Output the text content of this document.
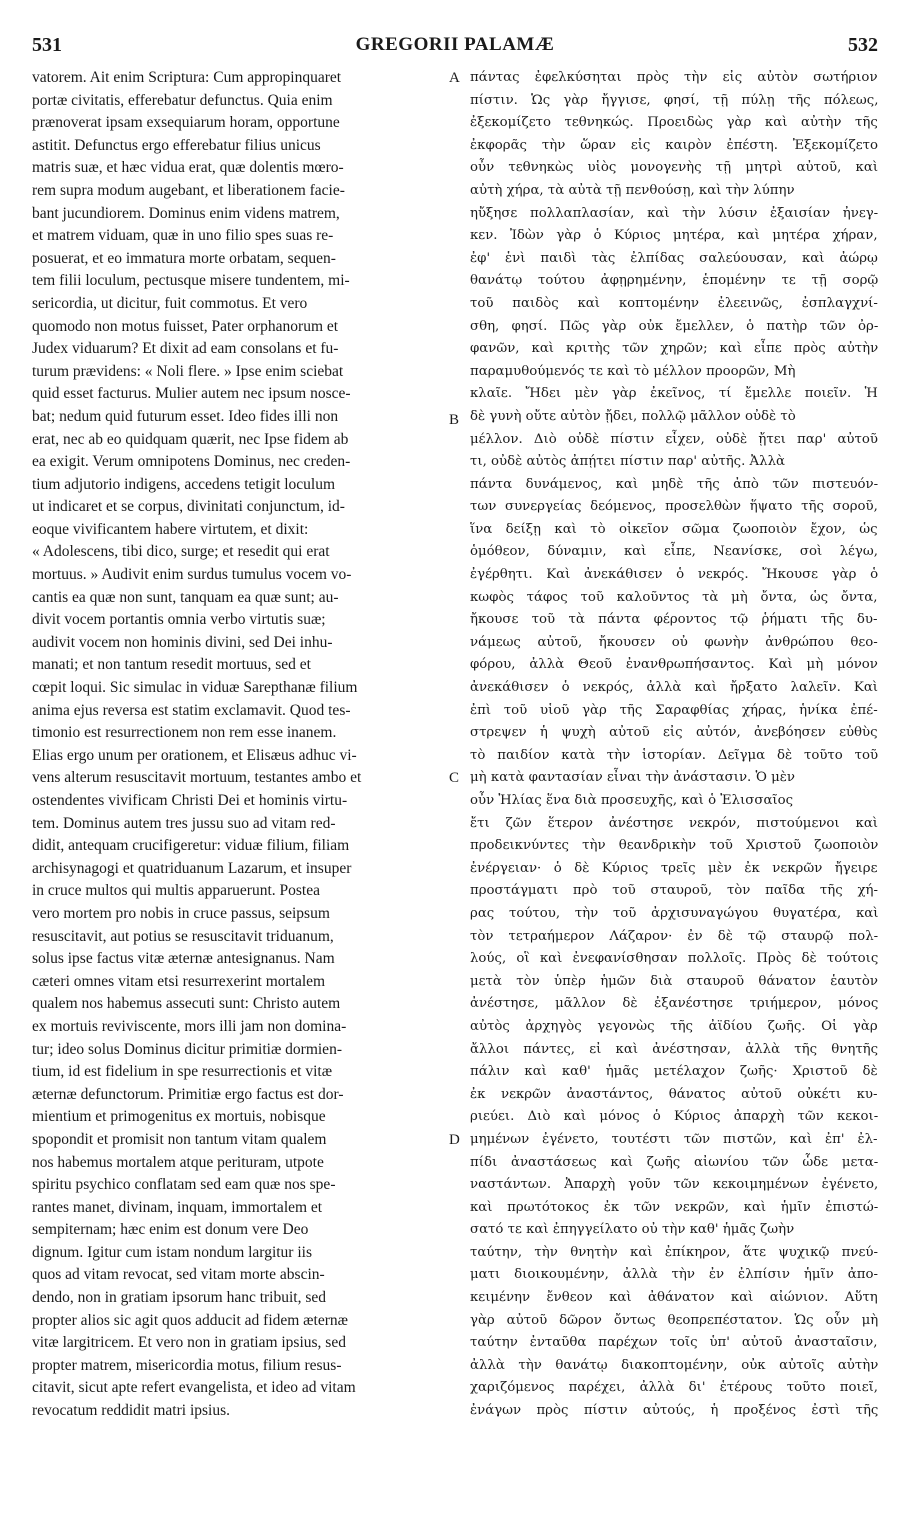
531	GREGORII PALAMÆ	532
vatorem. Ait enim Scriptura: Cum appropinquaret
portæ civitatis, efferebatur defunctus. Quia enim
prænoverat ipsam exsequiarum horam, opportune
astitit. Defunctus ergo efferebatur filius unicus
matris suæ, et hæc vidua erat, quæ dolentis mœro-
rem supra modum augebant, et liberationem facie-
bant jucundiorem. Dominus enim videns matrem,
et matrem viduam, quæ in uno filio spes suas re-
posuerat, et eo immatura morte orbatam, sequen-
tem filii loculum, pectusque misere tundentem, mi-
sericordia, ut dicitur, fuit commotus. Et vero
quomodo non motus fuisset, Pater orphanorum et
Judex viduarum? Et dixit ad eam consolans et fu-
turum prævidens: « Noli flere. » Ipse enim sciebat
quid esset facturus. Mulier autem nec ipsum nosce-
bat; nedum quid futurum esset. Ideo fides illi non
erat, nec ab eo quidquam quærit, nec Ipse fidem ab
ea exigit. Verum omnipotens Dominus, nec creden-
tium adjutorio indigens, accedens tetigit loculum
ut indicaret et se corpus, divinitati conjunctum, id-
eoque vivificantem habere virtutem, et dixit:
« Adolescens, tibi dico, surge; et resedit qui erat
mortuus. » Audivit enim surdus tumulus vocem vo-
cantis ea quæ non sunt, tanquam ea quæ sunt; au-
divit vocem portantis omnia verbo virtutis suæ;
audivit vocem non hominis divini, sed Dei inhu-
manati; et non tantum resedit mortuus, sed et
cœpit loqui. Sic simulac in viduæ Sarepthanæ filium
anima ejus reversa est statim exclamavit. Quod tes-
timonio est resurrectionem non rem esse inanem.
Elias ergo unum per orationem, et Elisæus adhuc vi-
vens alterum resuscitavit mortuum, testantes ambo et
ostendentes vivificam Christi Dei et hominis virtu-
tem. Dominus autem tres jussu suo ad vitam red-
didit, antequam crucifigeretur: viduæ filium, filiam
archisynagogi et quatriduanum Lazarum, et insuper
in cruce multos qui multis apparuerunt. Postea
vero mortem pro nobis in cruce passus, seipsum
resuscitavit, aut potius se resuscitavit triduanum,
solus ipse factus vitæ æternæ antesignanus. Nam
cæteri omnes vitam etsi resurrexerint mortalem
qualem nos habemus assecuti sunt: Christo autem
ex mortuis reviviscente, mors illi jam non domina-
tur; ideo solus Dominus dicitur primitiæ dormien-
tium, id est fidelium in spe resurrectionis et vitæ
æternæ defunctorum. Primitiæ ergo factus est dor-
mientium et primogenitus ex mortuis, nobisque
spopondit et promisit non tantum vitam qualem
nos habemus mortalem atque perituram, utpote
spiritu psychico conflatam sed eam quæ nos spe-
rantes manet, divinam, inquam, immortalem et
sempiternam; hæc enim est donum vere Deo
dignum. Igitur cum istam nondum largitur iis
quos ad vitam revocat, sed vitam morte abscin-
dendo, non in gratiam ipsorum hanc tribuit, sed
propter alios sic agit quos adducit ad fidem æternæ
vitæ largitricem. Et vero non in gratiam ipsius, sed
propter matrem, misericordia motus, filium resus-
citavit, sicut apte refert evangelista, et ideo ad vitam
revocatum reddidit matri ipsius.
πάντας ἐφελκύσηται πρὸς τὴν εἰς αὐτὸν σωτήριον
πίστιν. Ὡς γὰρ ἤγγισε, φησί, τῇ πύλῃ τῆς πόλεως,
ἐξεκομίζετο τεθνηκώς. Προειδὼς γὰρ καὶ αὐτὴν τῆς
ἐκφορᾶς τὴν ὥραν εἰς καιρὸν ἐπέστη. Ἐξεκομίζετο
οὖν τεθνηκὼς υἱὸς μονογενὴς τῇ μητρὶ αὐτοῦ, καὶ
αὐτὴ χήρα, τὰ αὐτὰ τῇ πενθούσῃ, καὶ τὴν λύπην
ηὔξησε πολλαπλασίαν, καὶ τὴν λύσιν ἐξαισίαν ἠνεγ-
κεν. Ἰδὼν γὰρ ὁ Κύριος μητέρα, καὶ μητέρα χήραν,
ἐφ' ἑνὶ παιδὶ τὰς ἐλπίδας σαλεύουσαν, καὶ ἀώρῳ
θανάτῳ τούτου ἀφῃρημένην, ἑπομένην τε τῇ σορῷ
τοῦ παιδὸς καὶ κοπτομένην ἐλεεινῶς, ἐσπλαγχνί-
σθη, φησί. Πῶς γὰρ οὐκ ἔμελλεν, ὁ πατὴρ τῶν ὀρ-
φανῶν, καὶ κριτὴς τῶν χηρῶν; καὶ εἶπε πρὸς αὐτὴν
παραμυθούμενός τε καὶ τὸ μέλλον προορῶν, Μὴ
κλαῖε. Ἤδει μὲν γὰρ ἐκεῖνος, τί ἔμελλε ποιεῖν. Ἡ
δὲ γυνὴ οὔτε αὐτὸν ᾔδει, πολλῷ μᾶλλον οὐδὲ τὸ
μέλλον. Διὸ οὐδὲ πίστιν εἶχεν, οὐδὲ ᾔτει παρ' αὐτοῦ
τι, οὐδὲ αὐτὸς ἀπῄτει πίστιν παρ' αὐτῆς. Ἀλλὰ
πάντα δυνάμενος, καὶ μηδὲ τῆς ἀπὸ τῶν πιστευόν-
των συνεργείας δεόμενος, προσελθὼν ἥψατο τῆς σοροῦ,
ἵνα δείξῃ καὶ τὸ οἰκεῖον σῶμα ζωοποιὸν ἔχον, ὡς
ὁμόθεον, δύναμιν, καὶ εἶπε, Νεανίσκε, σοὶ λέγω,
ἐγέρθητι. Καὶ ἀνεκάθισεν ὁ νεκρός. Ἤκουσε γὰρ ὁ
κωφὸς τάφος τοῦ καλοῦντος τὰ μὴ ὄντα, ὡς ὄντα,
ἤκουσε τοῦ τὰ πάντα φέροντος τῷ ῥήματι τῆς δυ-
νάμεως αὐτοῦ, ἤκουσεν οὐ φωνὴν ἀνθρώπου θεο-
φόρου, ἀλλὰ Θεοῦ ἐνανθρωπήσαντος. Καὶ μὴ μόνον
ἀνεκάθισεν ὁ νεκρός, ἀλλὰ καὶ ἤρξατο λαλεῖν. Καὶ
ἐπὶ τοῦ υἱοῦ γὰρ τῆς Σαραφθίας χήρας, ἡνίκα ἐπέ-
στρεψεν ἡ ψυχὴ αὐτοῦ εἰς αὐτόν, ἀνεβόησεν εὐθὺς
τὸ παιδίον κατὰ τὴν ἱστορίαν. Δεῖγμα δὲ τοῦτο τοῦ
μὴ κατὰ φαντασίαν εἶναι τὴν ἀνάστασιν. Ὁ μὲν
οὖν Ἠλίας ἕνα διὰ προσευχῆς, καὶ ὁ Ἐλισσαῖος
ἔτι ζῶν ἕτερον ἀνέστησε νεκρόν, πιστούμενοι καὶ
προδεικνύντες τὴν θεανδρικὴν τοῦ Χριστοῦ ζωοποιὸν
ἐνέργειαν· ὁ δὲ Κύριος τρεῖς μὲν ἐκ νεκρῶν ἤγειρε
προστάγματι πρὸ τοῦ σταυροῦ, τὸν παῖδα τῆς χή-
ρας τούτου, τὴν τοῦ ἀρχισυναγώγου θυγατέρα, καὶ
τὸν τετραήμερον Λάζαρον· ἐν δὲ τῷ σταυρῷ πολ-
λούς, οἳ καὶ ἐνεφανίσθησαν πολλοῖς. Πρὸς δὲ τούτοις
μετὰ τὸν ὑπὲρ ἡμῶν διὰ σταυροῦ θάνατον ἑαυτὸν
ἀνέστησε, μᾶλλον δὲ ἐξανέστησε τριήμερον, μόνος
αὐτὸς ἀρχηγὸς γεγονὼς τῆς ἀϊδίου ζωῆς. Οἱ γὰρ
ἄλλοι πάντες, εἰ καὶ ἀνέστησαν, ἀλλὰ τῆς θνητῆς
πάλιν καὶ καθ' ἡμᾶς μετέλαχον ζωῆς· Χριστοῦ δὲ
ἐκ νεκρῶν ἀναστάντος, θάνατος αὐτοῦ οὐκέτι κυ-
ριεύει. Διὸ καὶ μόνος ὁ Κύριος ἀπαρχὴ τῶν κεκοι-
μημένων ἐγένετο, τουτέστι τῶν πιστῶν, καὶ ἐπ' ἐλ-
πίδι ἀναστάσεως καὶ ζωῆς αἰωνίου τῶν ὧδε μετα-
ναστάντων. Ἀπαρχὴ γοῦν τῶν κεκοιμημένων ἐγένετο,
καὶ πρωτότοκος ἐκ τῶν νεκρῶν, καὶ ἡμῖν ἐπιστώ-
σατό τε καὶ ἐπηγγείλατο οὐ τὴν καθ' ἡμᾶς ζωὴν
ταύτην, τὴν θνητὴν καὶ ἐπίκηρον, ἅτε ψυχικῷ πνεύ-
ματι διοικουμένην, ἀλλὰ τὴν ἐν ἐλπίσιν ἡμῖν ἀπο-
κειμένην ἔνθεον καὶ ἀθάνατον καὶ αἰώνιον. Αὕτη
γὰρ αὐτοῦ δῶρον ὄντως θεοπρεπέστατον. Ὡς οὖν μὴ
ταύτην ἐνταῦθα παρέχων τοῖς ὑπ' αὐτοῦ ἀνασταῖσιν,
ἀλλὰ τὴν θανάτῳ διακοπτομένην, οὐκ αὐτοῖς αὐτὴν
χαριζόμενος παρέχει, ἀλλὰ δι' ἑτέρους τοῦτο ποιεῖ,
ἐνάγων πρὸς πίστιν αὐτούς, ἡ προξένος ἐστὶ τῆς
A
B
C
D
